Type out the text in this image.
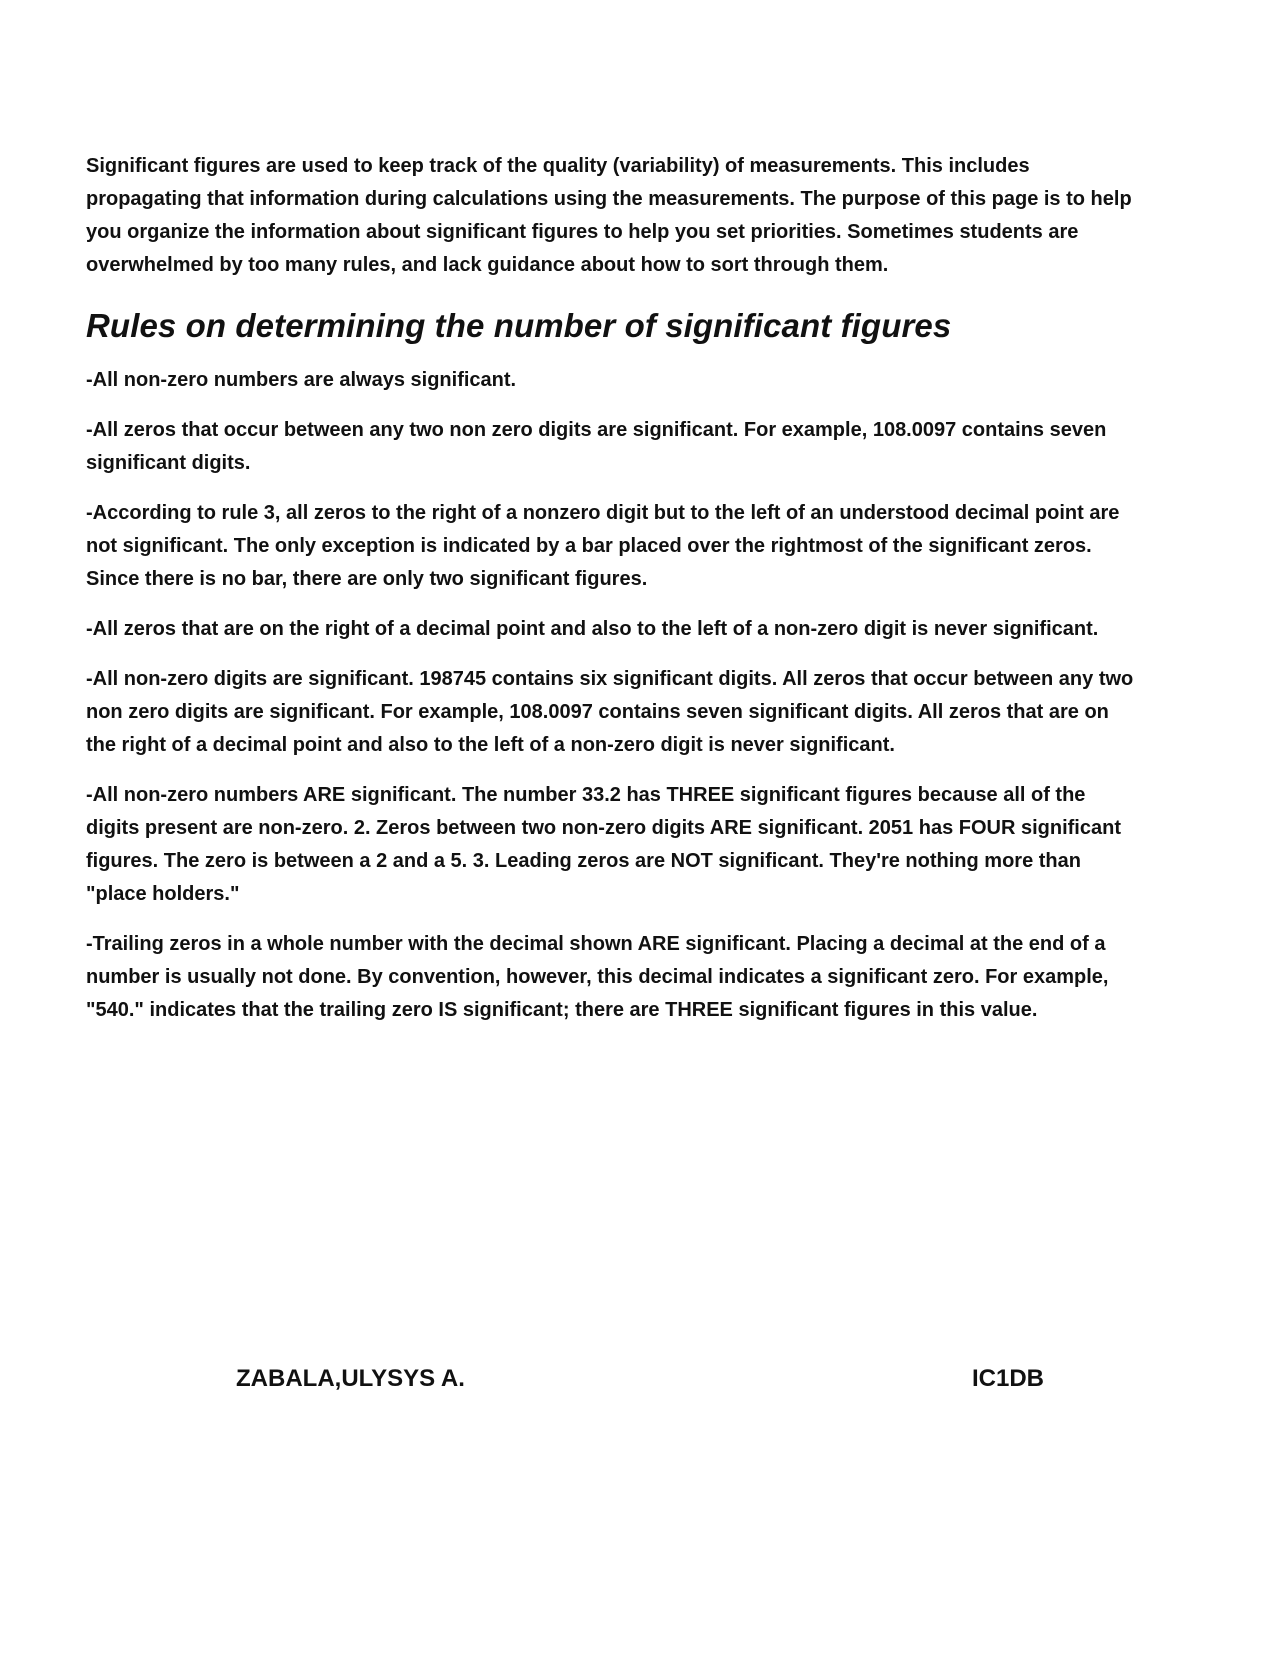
Significant figures are used to keep track of the quality (variability) of measurements. This includes propagating that information during calculations using the measurements. The purpose of this page is to help you organize the information about significant figures to help you set priorities. Sometimes students are overwhelmed by too many rules, and lack guidance about how to sort through them.

Rules on determining the number of significant figures

-All non-zero numbers are always significant.

-All zeros that occur between any two non zero digits are significant. For example, 108.0097 contains seven significant digits.

-According to rule 3, all zeros to the right of a nonzero digit but to the left of an understood decimal point are not significant. The only exception is indicated by a bar placed over the rightmost of the significant zeros. Since there is no bar, there are only two significant figures.

-All zeros that are on the right of a decimal point and also to the left of a non-zero digit is never significant.

-All non-zero digits are significant. 198745 contains six significant digits. All zeros that occur between any two non zero digits are significant. For example, 108.0097 contains seven significant digits. All zeros that are on the right of a decimal point and also to the left of a non-zero digit is never significant.

-All non-zero numbers ARE significant. The number 33.2 has THREE significant figures because all of the digits present are non-zero. 2. Zeros between two non-zero digits ARE significant. 2051 has FOUR significant figures. The zero is between a 2 and a 5. 3. Leading zeros are NOT significant. They're nothing more than "place holders."

-Trailing zeros in a whole number with the decimal shown ARE significant. Placing a decimal at the end of a number is usually not done. By convention, however, this decimal indicates a significant zero. For example, "540." indicates that the trailing zero IS significant; there are THREE significant figures in this value.

ZABALA,ULYSYS A.	IC1DB
